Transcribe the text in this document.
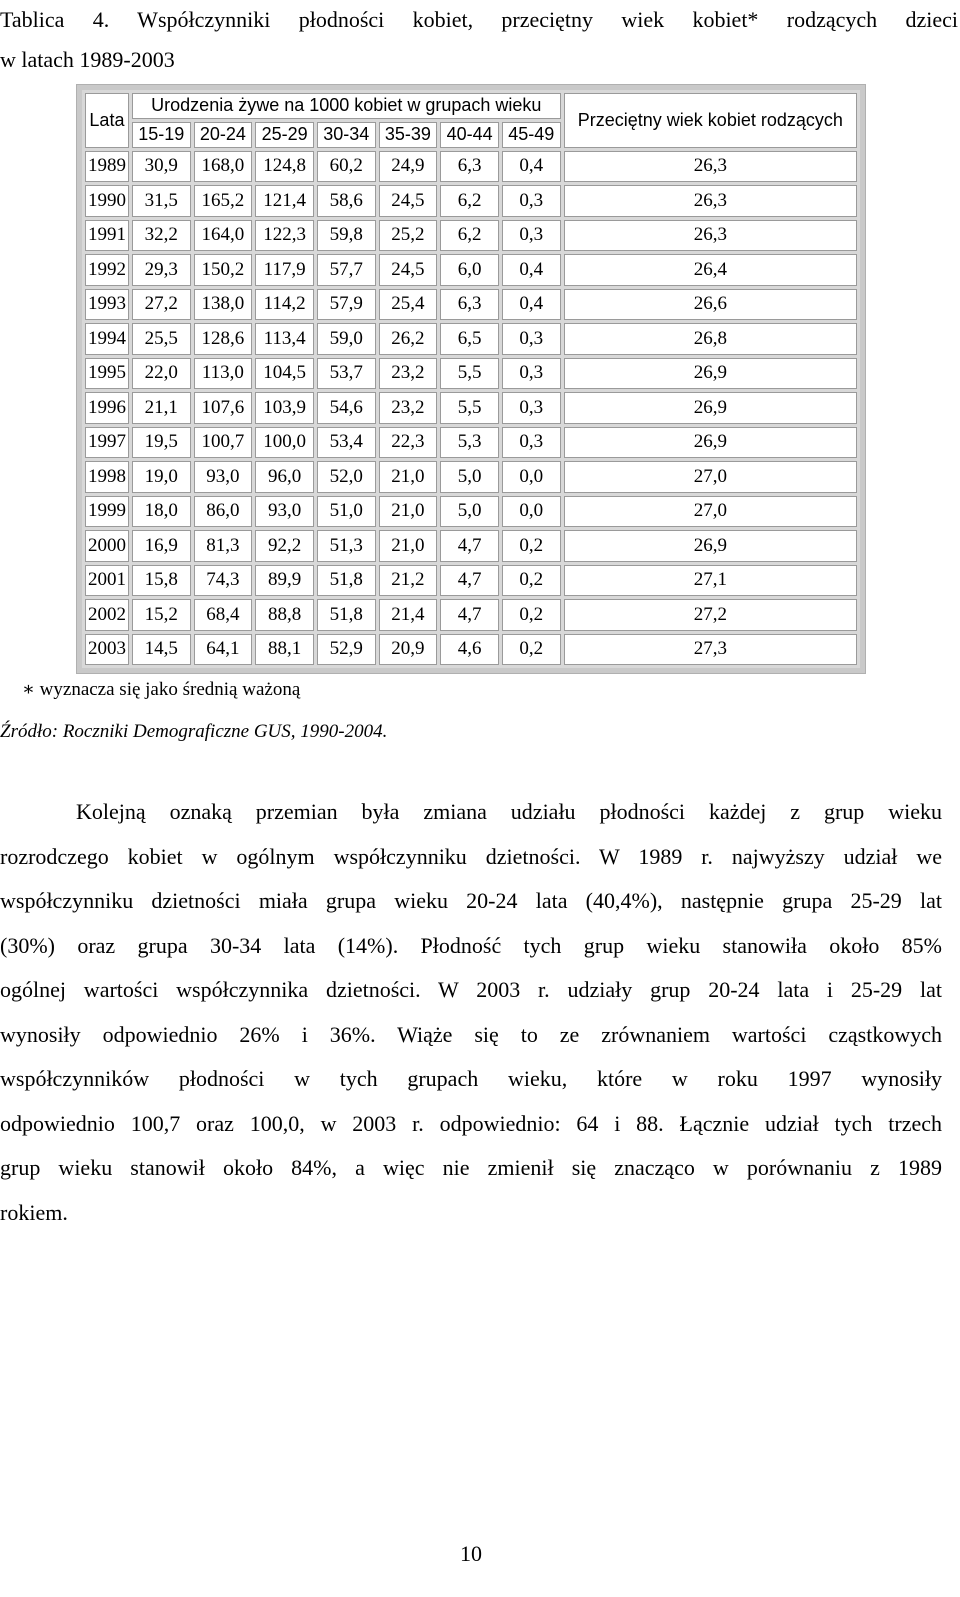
Tablica 4. Współczynniki płodności kobiet, przeciętny wiek kobiet* rodzących dzieci
w latach 1989-2003
Lata	Urodzenia żywe na 1000 kobiet w grupach wieku							Przeciętny wiek kobiet rodzących
	15-19	20-24	25-29	30-34	35-39	40-44	45-49	
1989	30,9	168,0	124,8	60,2	24,9	6,3	0,4	26,3
1990	31,5	165,2	121,4	58,6	24,5	6,2	0,3	26,3
1991	32,2	164,0	122,3	59,8	25,2	6,2	0,3	26,3
1992	29,3	150,2	117,9	57,7	24,5	6,0	0,4	26,4
1993	27,2	138,0	114,2	57,9	25,4	6,3	0,4	26,6
1994	25,5	128,6	113,4	59,0	26,2	6,5	0,3	26,8
1995	22,0	113,0	104,5	53,7	23,2	5,5	0,3	26,9
1996	21,1	107,6	103,9	54,6	23,2	5,5	0,3	26,9
1997	19,5	100,7	100,0	53,4	22,3	5,3	0,3	26,9
1998	19,0	93,0	96,0	52,0	21,0	5,0	0,0	27,0
1999	18,0	86,0	93,0	51,0	21,0	5,0	0,0	27,0
2000	16,9	81,3	92,2	51,3	21,0	4,7	0,2	26,9
2001	15,8	74,3	89,9	51,8	21,2	4,7	0,2	27,1
2002	15,2	68,4	88,8	51,8	21,4	4,7	0,2	27,2
2003	14,5	64,1	88,1	52,9	20,9	4,6	0,2	27,3
∗ wyznacza się jako średnią ważoną
Źródło: Roczniki Demograficzne GUS, 1990-2004.
Kolejną oznaką przemian była zmiana udziału płodności każdej z grup wieku
rozrodczego kobiet w ogólnym współczynniku dzietności. W 1989 r. najwyższy udział we
współczynniku dzietności miała grupa wieku 20-24 lata (40,4%), następnie grupa 25-29 lat
(30%) oraz grupa 30-34 lata (14%). Płodność tych grup wieku stanowiła około 85%
ogólnej wartości współczynnika dzietności. W 2003 r. udziały grup 20-24 lata i 25-29 lat
wynosiły odpowiednio 26% i 36%. Wiąże się to ze zrównaniem wartości cząstkowych
współczynników płodności w tych grupach wieku, które w roku 1997 wynosiły
odpowiednio 100,7 oraz 100,0, w 2003 r. odpowiednio: 64 i 88. Łącznie udział tych trzech
grup wieku stanowił około 84%, a więc nie zmienił się znacząco w porównaniu z 1989
rokiem.
10
